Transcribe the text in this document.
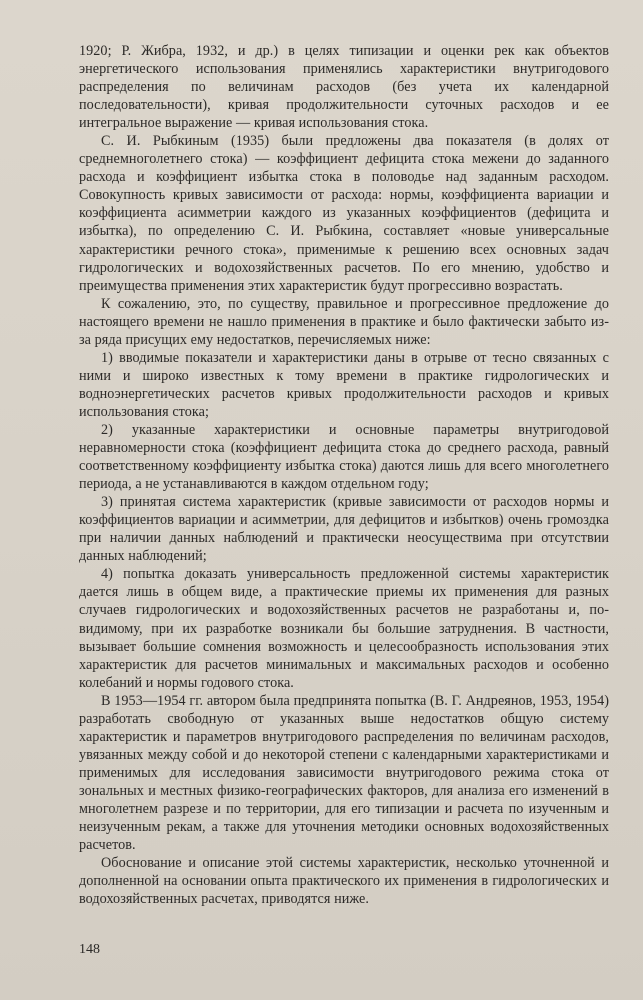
1920; Р. Жибра, 1932, и др.) в целях типизации и оценки рек как объектов энергетического использования применялись характеристики внутригодового распределения по величинам расходов (без учета их календарной последовательности), кривая продолжительности суточных расходов и ее интегральное выражение — кривая использования стока.

С. И. Рыбкиным (1935) были предложены два показателя (в долях от среднемноголетнего стока) — коэффициент дефицита стока межени до заданного расхода и коэффициент избытка стока в половодье над заданным расходом. Совокупность кривых зависимости от расхода: нормы, коэффициента вариации и коэффициента асимметрии каждого из указанных коэффициентов (дефицита и избытка), по определению С. И. Рыбкина, составляет «новые универсальные характеристики речного стока», применимые к решению всех основных задач гидрологических и водохозяйственных расчетов. По его мнению, удобство и преимущества применения этих характеристик будут прогрессивно возрастать.

К сожалению, это, по существу, правильное и прогрессивное предложение до настоящего времени не нашло применения в практике и было фактически забыто из-за ряда присущих ему недостатков, перечисляемых ниже:

1) вводимые показатели и характеристики даны в отрыве от тесно связанных с ними и широко известных к тому времени в практике гидрологических и водноэнергетических расчетов кривых продолжительности расходов и кривых использования стока;

2) указанные характеристики и основные параметры внутригодовой неравномерности стока (коэффициент дефицита стока до среднего расхода, равный соответственному коэффициенту избытка стока) даются лишь для всего многолетнего периода, а не устанавливаются в каждом отдельном году;

3) принятая система характеристик (кривые зависимости от расходов нормы и коэффициентов вариации и асимметрии, для дефицитов и избытков) очень громоздка при наличии данных наблюдений и практически неосуществима при отсутствии данных наблюдений;

4) попытка доказать универсальность предложенной системы характеристик дается лишь в общем виде, а практические приемы их применения для разных случаев гидрологических и водохозяйственных расчетов не разработаны и, по-видимому, при их разработке возникали бы большие затруднения. В частности, вызывает большие сомнения возможность и целесообразность использования этих характеристик для расчетов минимальных и максимальных расходов и особенно колебаний и нормы годового стока.

В 1953—1954 гг. автором была предпринята попытка (В. Г. Андреянов, 1953, 1954) разработать свободную от указанных выше недостатков общую систему характеристик и параметров внутригодового распределения по величинам расходов, увязанных между собой и до некоторой степени с календарными характеристиками и применимых для исследования зависимости внутригодового режима стока от зональных и местных физико-географических факторов, для анализа его изменений в многолетнем разрезе и по территории, для его типизации и расчета по изученным и неизученным рекам, а также для уточнения методики основных водохозяйственных расчетов.

Обоснование и описание этой системы характеристик, несколько уточненной и дополненной на основании опыта практического их применения в гидрологических и водохозяйственных расчетах, приводятся ниже.

148
